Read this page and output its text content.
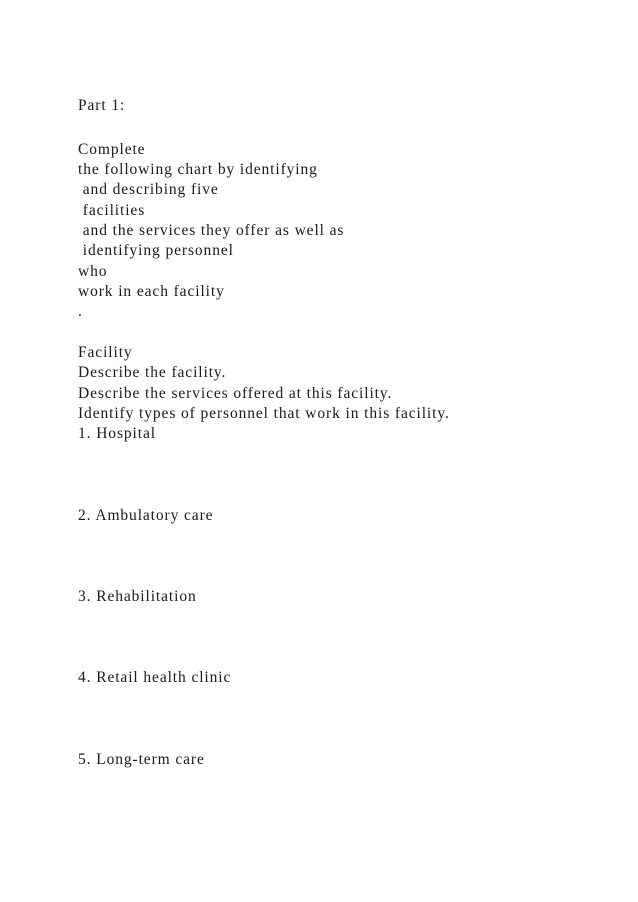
Part 1:

Complete

the following chart by identifying

and describing five

facilities

and the services they offer as well as

identifying personnel

who

work in each facility

.

Facility

Describe the facility.

Describe the services offered at this facility.

Identify types of personnel that work in this facility.

1. Hospital

2. Ambulatory care

3. Rehabilitation

4. Retail health clinic

5. Long-term care
